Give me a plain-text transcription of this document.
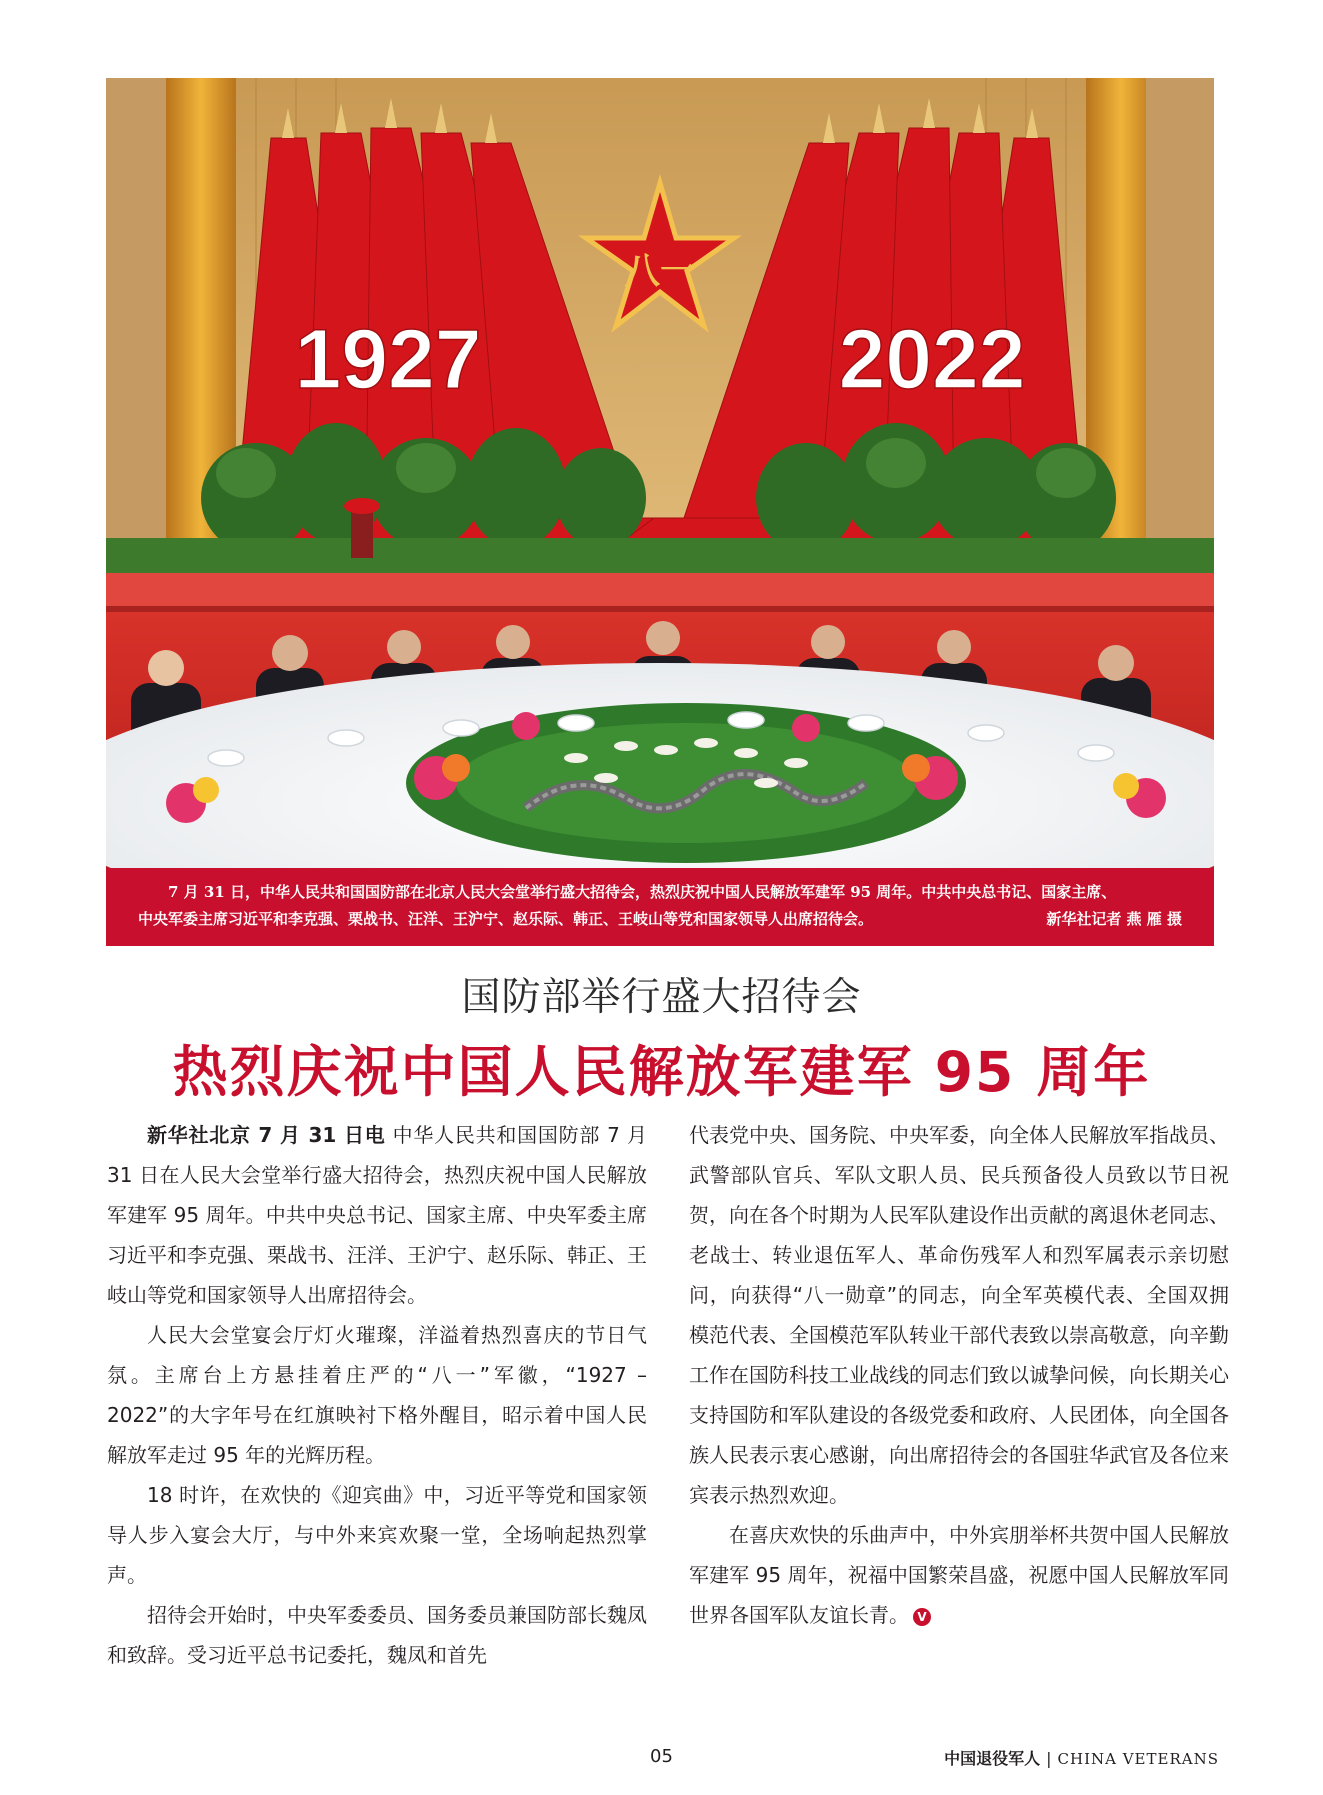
八一
1927	2022
7 月 31 日，中华人民共和国国防部在北京人民大会堂举行盛大招待会，热烈庆祝中国人民解放军建军 95 周年。中共中央总书记、国家主席、
中央军委主席习近平和李克强、栗战书、汪洋、王沪宁、赵乐际、韩正、王岐山等党和国家领导人出席招待会。	新华社记者 燕 雁 摄
国防部举行盛大招待会
热烈庆祝中国人民解放军建军 95 周年

新华社北京 7 月 31 日电 中华人民共和国国防部 7 月 31 日在人民大会堂举行盛大招待会，热烈庆祝中国人民解放军建军 95 周年。中共中央总书记、国家主席、中央军委主席习近平和李克强、栗战书、汪洋、王沪宁、赵乐际、韩正、王岐山等党和国家领导人出席招待会。

人民大会堂宴会厅灯火璀璨，洋溢着热烈喜庆的节日气氛。主席台上方悬挂着庄严的“八一”军徽，“1927 – 2022”的大字年号在红旗映衬下格外醒目，昭示着中国人民解放军走过 95 年的光辉历程。

18 时许，在欢快的《迎宾曲》中，习近平等党和国家领导人步入宴会大厅，与中外来宾欢聚一堂，全场响起热烈掌声。

招待会开始时，中央军委委员、国务委员兼国防部长魏凤和致辞。受习近平总书记委托，魏凤和首先

代表党中央、国务院、中央军委，向全体人民解放军指战员、武警部队官兵、军队文职人员、民兵预备役人员致以节日祝贺，向在各个时期为人民军队建设作出贡献的离退休老同志、老战士、转业退伍军人、革命伤残军人和烈军属表示亲切慰问，向获得“八一勋章”的同志，向全军英模代表、全国双拥模范代表、全国模范军队转业干部代表致以崇高敬意，向辛勤工作在国防科技工业战线的同志们致以诚挚问候，向长期关心支持国防和军队建设的各级党委和政府、人民团体，向全国各族人民表示衷心感谢，向出席招待会的各国驻华武官及各位来宾表示热烈欢迎。

在喜庆欢快的乐曲声中，中外宾朋举杯共贺中国人民解放军建军 95 周年，祝福中国繁荣昌盛，祝愿中国人民解放军同世界各国军队友谊长青。 V

05	中国退役军人 | CHINA VETERANS
